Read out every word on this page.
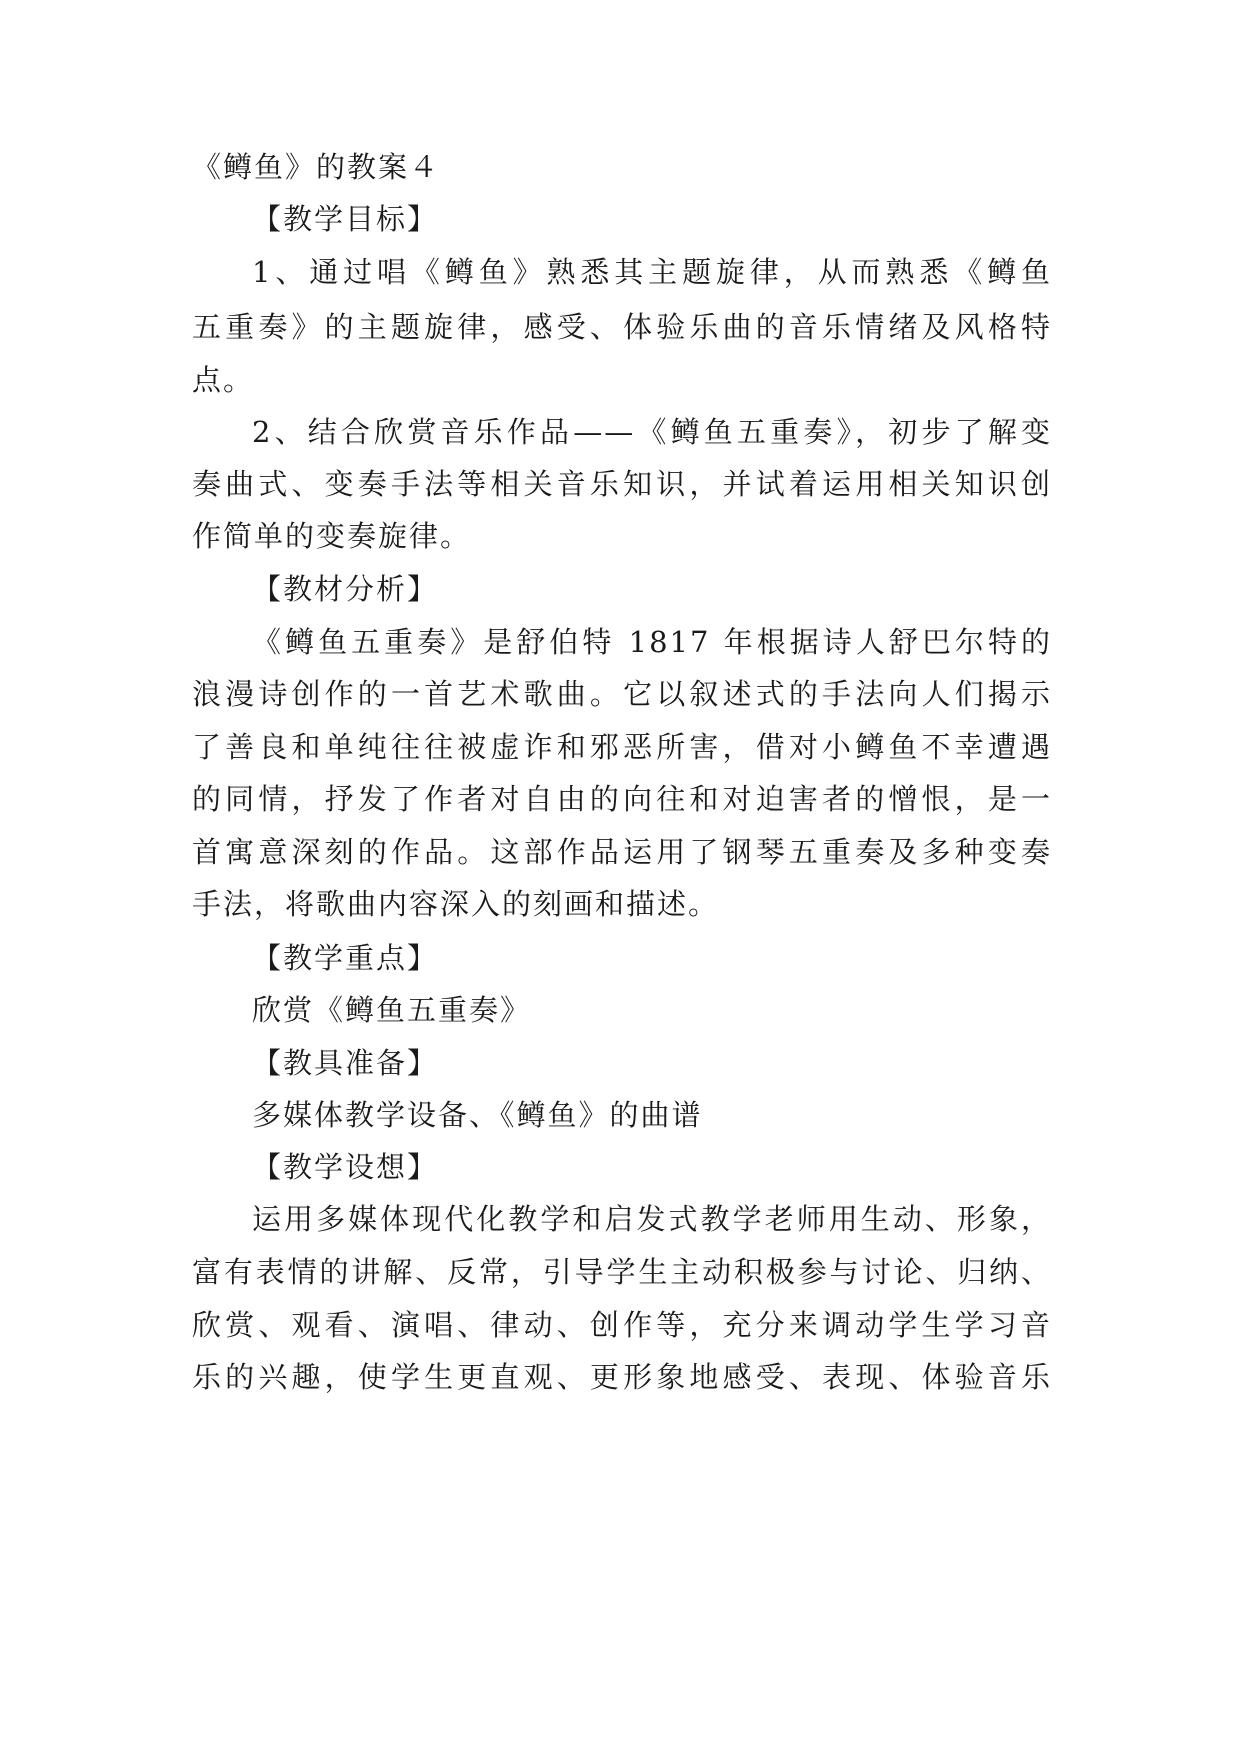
《鳟鱼》的教案４
【教学目标】
1、通过唱《鳟鱼》熟悉其主题旋律，从而熟悉《鳟鱼
五重奏》的主题旋律，感受、体验乐曲的音乐情绪及风格特
点。
2、结合欣赏音乐作品——《鳟鱼五重奏》，初步了解变
奏曲式、变奏手法等相关音乐知识，并试着运用相关知识创
作简单的变奏旋律。
【教材分析】
《鳟鱼五重奏》是舒伯特 1817 年根据诗人舒巴尔特的
浪漫诗创作的一首艺术歌曲。它以叙述式的手法向人们揭示
了善良和单纯往往被虚诈和邪恶所害，借对小鳟鱼不幸遭遇
的同情，抒发了作者对自由的向往和对迫害者的憎恨，是一
首寓意深刻的作品。这部作品运用了钢琴五重奏及多种变奏
手法，将歌曲内容深入的刻画和描述。
【教学重点】
欣赏《鳟鱼五重奏》
【教具准备】
多媒体教学设备、《鳟鱼》的曲谱
【教学设想】
运用多媒体现代化教学和启发式教学老师用生动、形象，
富有表情的讲解、反常，引导学生主动积极参与讨论、归纳、
欣赏、观看、演唱、律动、创作等，充分来调动学生学习音
乐的兴趣，使学生更直观、更形象地感受、表现、体验音乐
